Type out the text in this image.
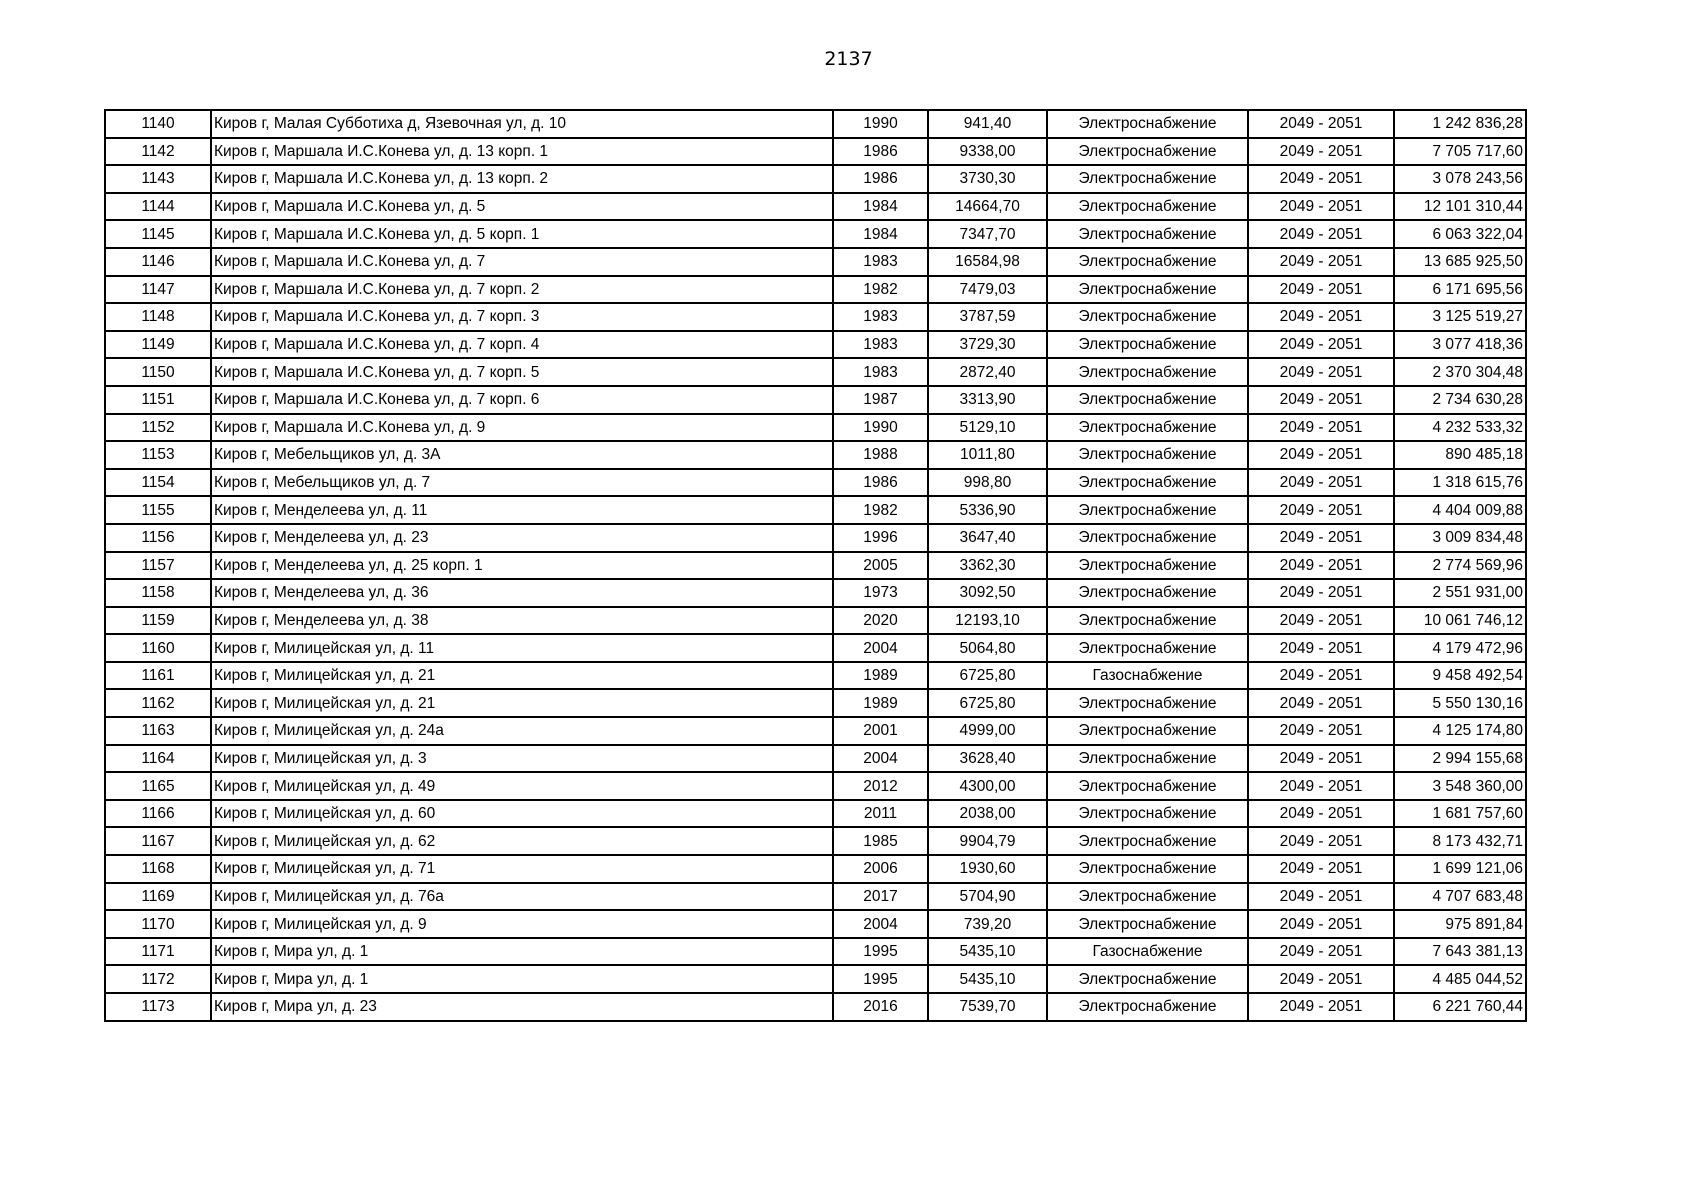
2137
1140	Киров г, Малая Субботиха д, Язевочная ул, д. 10	1990	941,40	Электроснабжение	2049 - 2051	1 242 836,28
1142	Киров г, Маршала И.С.Конева ул, д. 13 корп. 1	1986	9338,00	Электроснабжение	2049 - 2051	7 705 717,60
1143	Киров г, Маршала И.С.Конева ул, д. 13 корп. 2	1986	3730,30	Электроснабжение	2049 - 2051	3 078 243,56
1144	Киров г, Маршала И.С.Конева ул, д. 5	1984	14664,70	Электроснабжение	2049 - 2051	12 101 310,44
1145	Киров г, Маршала И.С.Конева ул, д. 5 корп. 1	1984	7347,70	Электроснабжение	2049 - 2051	6 063 322,04
1146	Киров г, Маршала И.С.Конева ул, д. 7	1983	16584,98	Электроснабжение	2049 - 2051	13 685 925,50
1147	Киров г, Маршала И.С.Конева ул, д. 7 корп. 2	1982	7479,03	Электроснабжение	2049 - 2051	6 171 695,56
1148	Киров г, Маршала И.С.Конева ул, д. 7 корп. 3	1983	3787,59	Электроснабжение	2049 - 2051	3 125 519,27
1149	Киров г, Маршала И.С.Конева ул, д. 7 корп. 4	1983	3729,30	Электроснабжение	2049 - 2051	3 077 418,36
1150	Киров г, Маршала И.С.Конева ул, д. 7 корп. 5	1983	2872,40	Электроснабжение	2049 - 2051	2 370 304,48
1151	Киров г, Маршала И.С.Конева ул, д. 7 корп. 6	1987	3313,90	Электроснабжение	2049 - 2051	2 734 630,28
1152	Киров г, Маршала И.С.Конева ул, д. 9	1990	5129,10	Электроснабжение	2049 - 2051	4 232 533,32
1153	Киров г, Мебельщиков ул, д. 3А	1988	1011,80	Электроснабжение	2049 - 2051	890 485,18
1154	Киров г, Мебельщиков ул, д. 7	1986	998,80	Электроснабжение	2049 - 2051	1 318 615,76
1155	Киров г, Менделеева ул, д. 11	1982	5336,90	Электроснабжение	2049 - 2051	4 404 009,88
1156	Киров г, Менделеева ул, д. 23	1996	3647,40	Электроснабжение	2049 - 2051	3 009 834,48
1157	Киров г, Менделеева ул, д. 25 корп. 1	2005	3362,30	Электроснабжение	2049 - 2051	2 774 569,96
1158	Киров г, Менделеева ул, д. 36	1973	3092,50	Электроснабжение	2049 - 2051	2 551 931,00
1159	Киров г, Менделеева ул, д. 38	2020	12193,10	Электроснабжение	2049 - 2051	10 061 746,12
1160	Киров г, Милицейская ул, д. 11	2004	5064,80	Электроснабжение	2049 - 2051	4 179 472,96
1161	Киров г, Милицейская ул, д. 21	1989	6725,80	Газоснабжение	2049 - 2051	9 458 492,54
1162	Киров г, Милицейская ул, д. 21	1989	6725,80	Электроснабжение	2049 - 2051	5 550 130,16
1163	Киров г, Милицейская ул, д. 24а	2001	4999,00	Электроснабжение	2049 - 2051	4 125 174,80
1164	Киров г, Милицейская ул, д. 3	2004	3628,40	Электроснабжение	2049 - 2051	2 994 155,68
1165	Киров г, Милицейская ул, д. 49	2012	4300,00	Электроснабжение	2049 - 2051	3 548 360,00
1166	Киров г, Милицейская ул, д. 60	2011	2038,00	Электроснабжение	2049 - 2051	1 681 757,60
1167	Киров г, Милицейская ул, д. 62	1985	9904,79	Электроснабжение	2049 - 2051	8 173 432,71
1168	Киров г, Милицейская ул, д. 71	2006	1930,60	Электроснабжение	2049 - 2051	1 699 121,06
1169	Киров г, Милицейская ул, д. 76а	2017	5704,90	Электроснабжение	2049 - 2051	4 707 683,48
1170	Киров г, Милицейская ул, д. 9	2004	739,20	Электроснабжение	2049 - 2051	975 891,84
1171	Киров г, Мира ул, д. 1	1995	5435,10	Газоснабжение	2049 - 2051	7 643 381,13
1172	Киров г, Мира ул, д. 1	1995	5435,10	Электроснабжение	2049 - 2051	4 485 044,52
1173	Киров г, Мира ул, д. 23	2016	7539,70	Электроснабжение	2049 - 2051	6 221 760,44
